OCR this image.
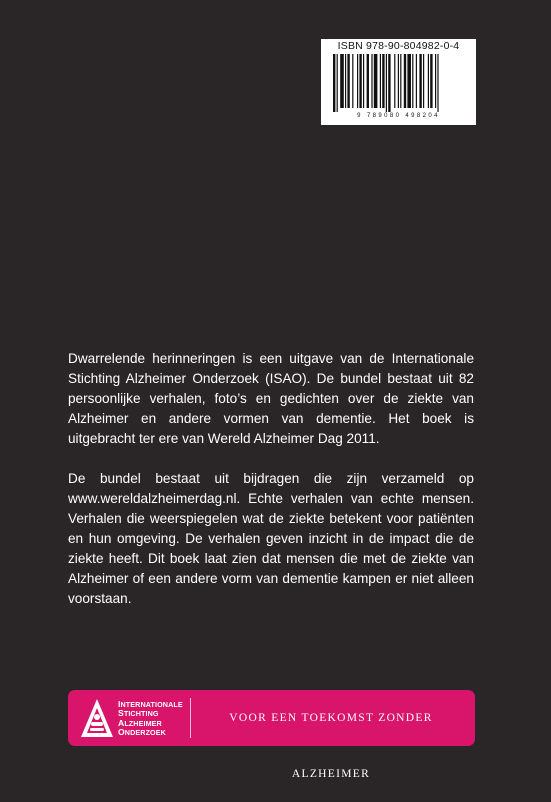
ISBN 978-90-804982-0-4
9 789080 498204

Dwarrelende herinneringen is een uitgave van de Internationale Stichting Alzheimer Onderzoek (ISAO). De bundel bestaat uit 82 persoonlijke verhalen, foto’s en gedichten over de ziekte van Alzheimer en andere vormen van dementie. Het boek is uitgebracht ter ere van Wereld Alzheimer Dag 2011.

De bundel bestaat uit bijdragen die zijn verzameld op www.wereldalzheimerdag.nl. Echte verhalen van echte mensen. Verhalen die weerspiegelen wat de ziekte betekent voor patiënten en hun omgeving. De verhalen geven inzicht in de impact die de ziekte heeft. Dit boek laat zien dat mensen die met de ziekte van Alzheimer of een andere vorm van dementie kampen er niet alleen voorstaan.

INTERNATIONALE
STICHTING
ALZHEIMER
ONDERZOEK
VOOR EEN TOEKOMST ZONDER ALZHEIMER
